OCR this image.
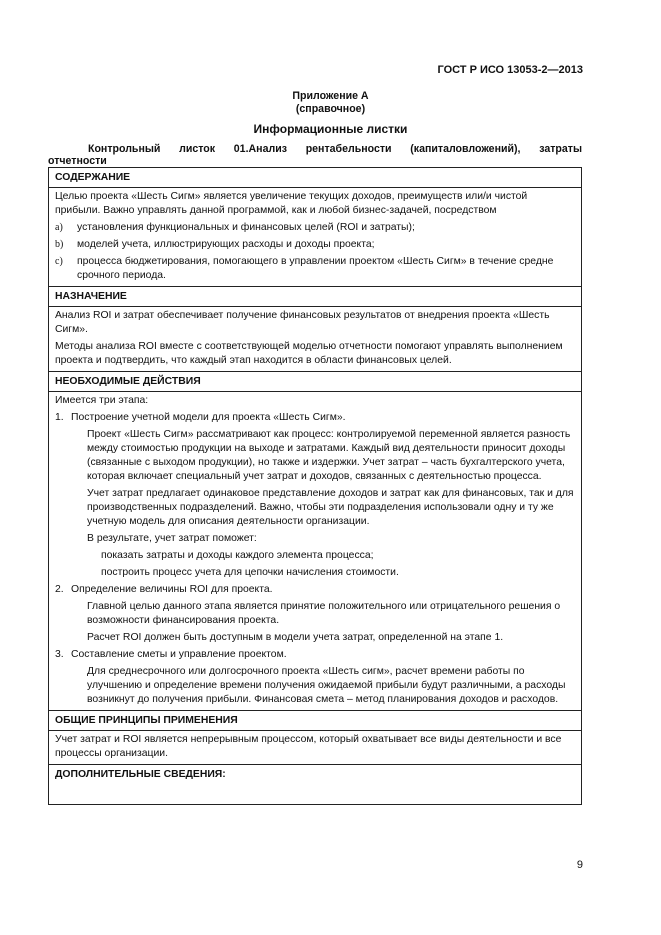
ГОСТ Р ИСО 13053-2—2013
Приложение А
(справочное)
Информационные листки
Контрольный листок 01.Анализ рентабельности (капиталовложений), затраты
отчетности
СОДЕРЖАНИЕ

Целью проекта «Шесть Сигм» является увеличение текущих доходов, преимуществ или/и чистой прибыли. Важно управлять данной программой, как и любой бизнес-задачей, посредством

a)	установления функциональных и финансовых целей (ROI и затраты);
b)	моделей учета, иллюстрирующих расходы и доходы проекта;
c)	процесса бюджетирования, помогающего в управлении проектом «Шесть Сигм» в течение средне срочного периода.
НАЗНАЧЕНИЕ

Анализ ROI и затрат обеспечивает получение финансовых результатов от внедрения проекта «Шесть Сигм».

Методы анализа ROI вместе с соответствующей моделью отчетности помогают управлять выполнением проекта и подтвердить, что каждый этап находится в области финансовых целей.

НЕОБХОДИМЫЕ ДЕЙСТВИЯ

Имеется три этапа:

1. Построение учетной модели для проекта «Шесть Сигм».

Проект «Шесть Сигм» рассматривают как процесс: контролируемой переменной является разность между стоимостью продукции на выходе и затратами. Каждый вид деятельности приносит доходы (связанные с выходом продукции), но также и издержки. Учет затрат – часть бухгалтерского учета, которая включает специальный учет затрат и доходов, связанных с деятельностью процесса.

Учет затрат предлагает одинаковое представление доходов и затрат как для финансовых, так и для производственных подразделений. Важно, чтобы эти подразделения использовали одну и ту же учетную модель для описания деятельности организации.

В результате, учет затрат поможет:

показать затраты и доходы каждого элемента процесса;

построить процесс учета для цепочки начисления стоимости.

2. Определение величины ROI для проекта.

Главной целью данного этапа является принятие положительного или отрицательного решения о возможности финансирования проекта.

Расчет ROI должен быть доступным в модели учета затрат, определенной на этапе 1.

3. Составление сметы и управление проектом.

Для среднесрочного или долгосрочного проекта «Шесть сигм», расчет времени работы по улучшению и определение времени получения ожидаемой прибыли будут различными, а расходы возникнут до получения прибыли. Финансовая смета – метод планирования доходов и расходов.

ОБЩИЕ ПРИНЦИПЫ ПРИМЕНЕНИЯ

Учет затрат и ROI является непрерывным процессом, который охватывает все виды деятельности и все процессы организации.

ДОПОЛНИТЕЛЬНЫЕ СВЕДЕНИЯ:
9
